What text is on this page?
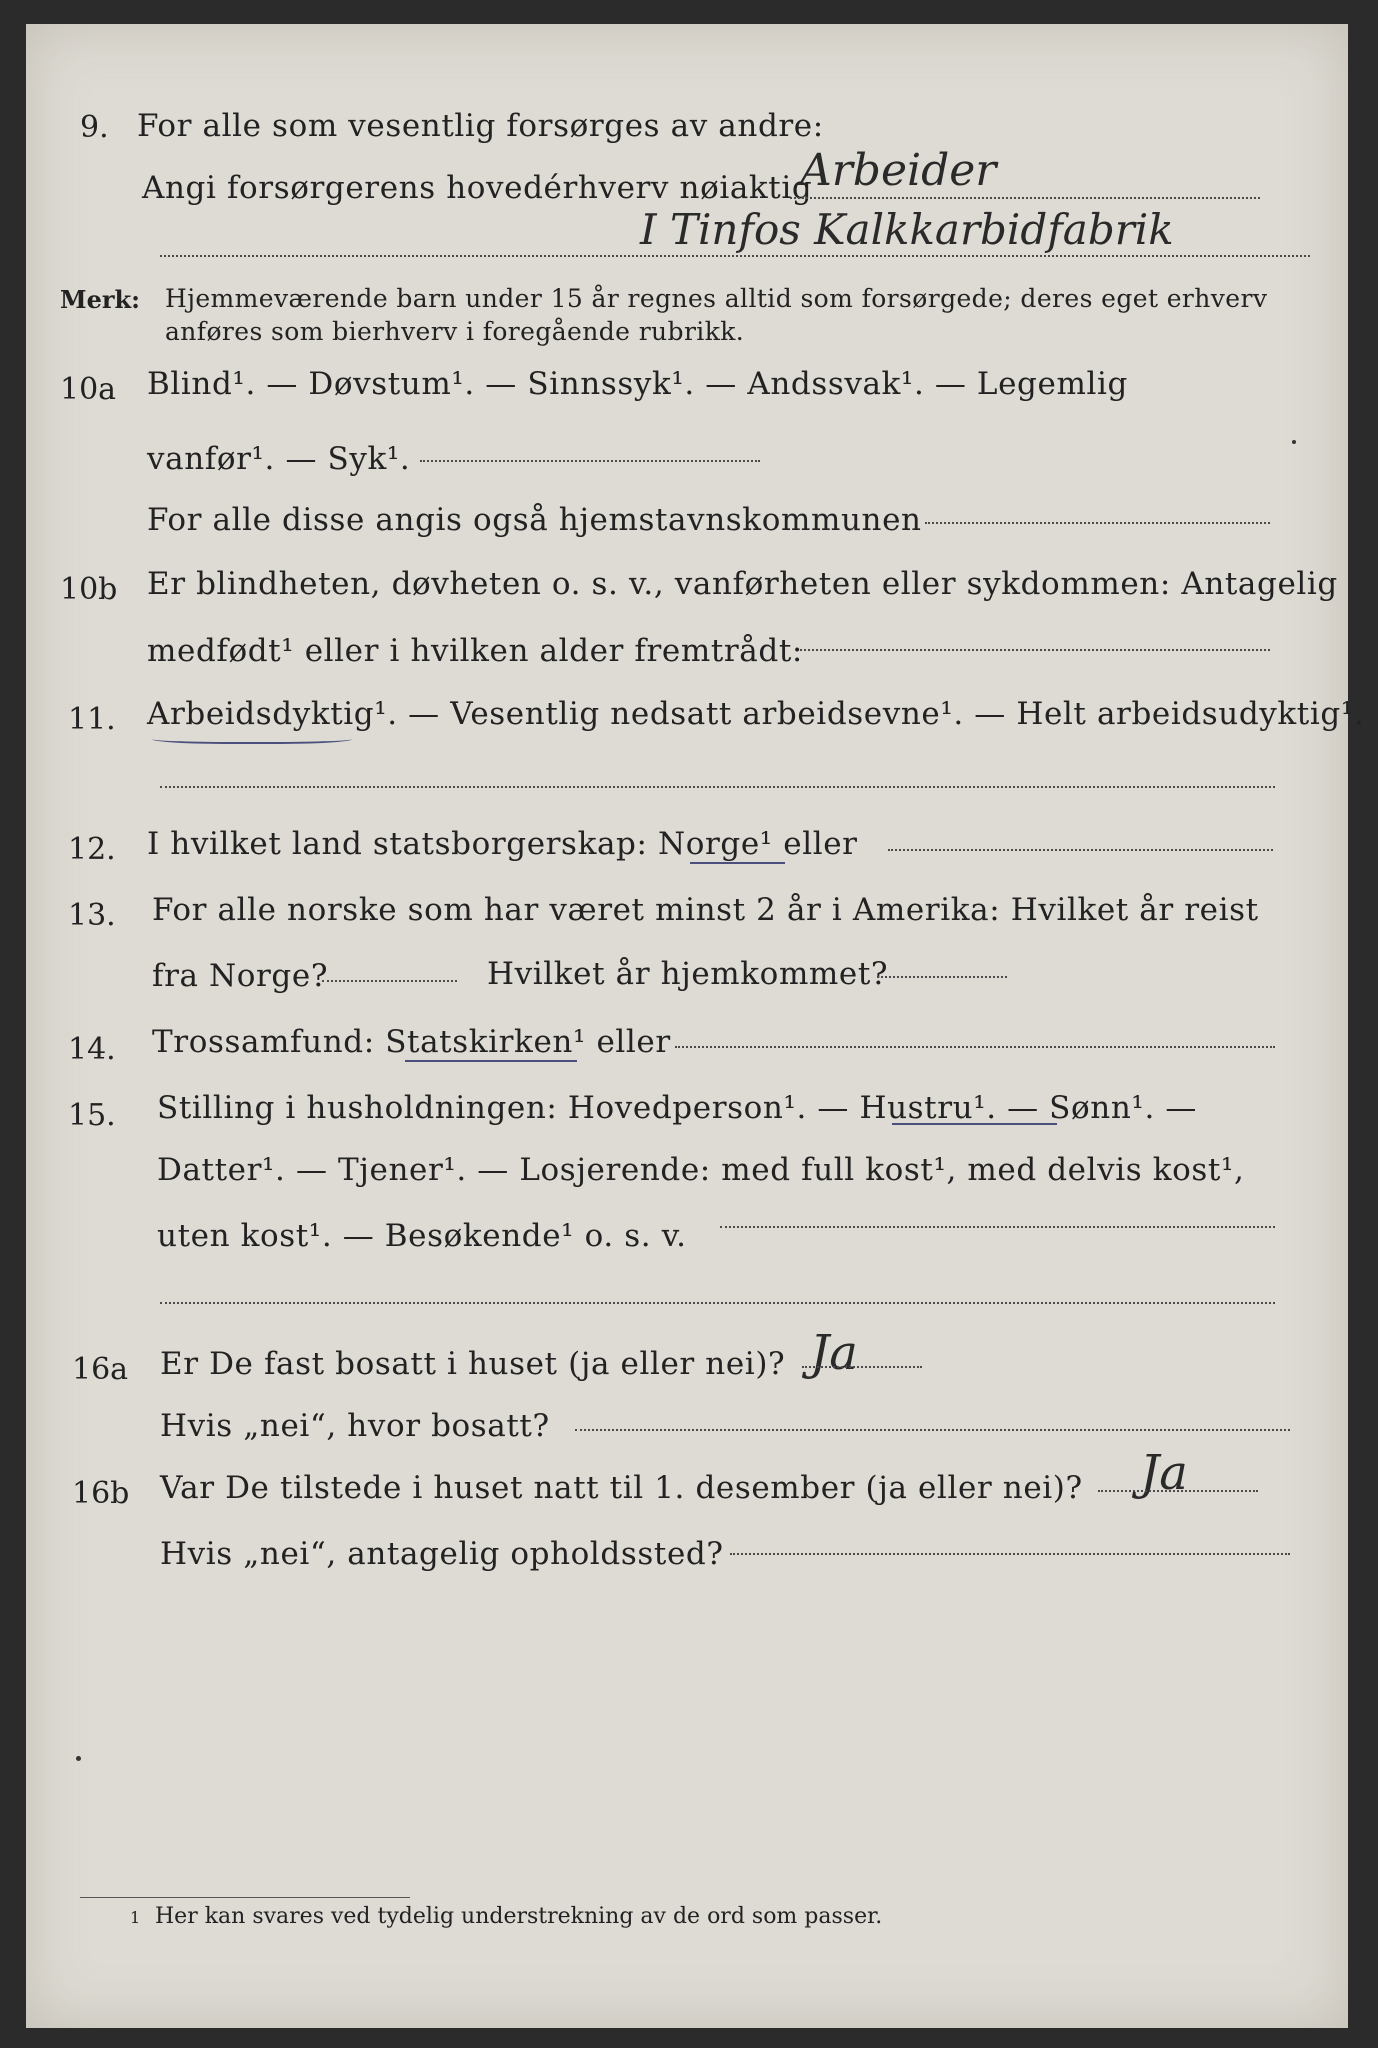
9. For alle som vesentlig forsørges av andre:
Angi forsørgerens hovedérhverv nøiaktig
Arbeider
I Tinfos Kalkkarbidfabrik
Merk: Hjemmeværende barn under 15 år regnes alltid som forsørgede; deres eget erhverv
anføres som bierhverv i foregående rubrikk.
10a Blind¹. — Døvstum¹. — Sinnssyk¹. — Andssvak¹. — Legemlig
vanfør¹. — Syk¹.
For alle disse angis også hjemstavnskommunen
10b Er blindheten, døvheten o. s. v., vanførheten eller sykdommen: Antagelig
medfødt¹ eller i hvilken alder fremtrådt:
11. Arbeidsdyktig¹. — Vesentlig nedsatt arbeidsevne¹. — Helt arbeidsudyktig¹.
12. I hvilket land statsborgerskap: Norge¹ eller
13. For alle norske som har været minst 2 år i Amerika: Hvilket år reist
fra Norge?	Hvilket år hjemkommet?
14. Trossamfund: Statskirken¹ eller
15. Stilling i husholdningen: Hovedperson¹. — Hustru¹. — Sønn¹. —
Datter¹. — Tjener¹. — Losjerende: med full kost¹, med delvis kost¹,
uten kost¹. — Besøkende¹ o. s. v.
16a Er De fast bosatt i huset (ja eller nei)? Ja
Hvis „nei“, hvor bosatt?
16b Var De tilstede i huset natt til 1. desember (ja eller nei)? Ja
Hvis „nei“, antagelig opholdssted?
1 Her kan svares ved tydelig understrekning av de ord som passer.
